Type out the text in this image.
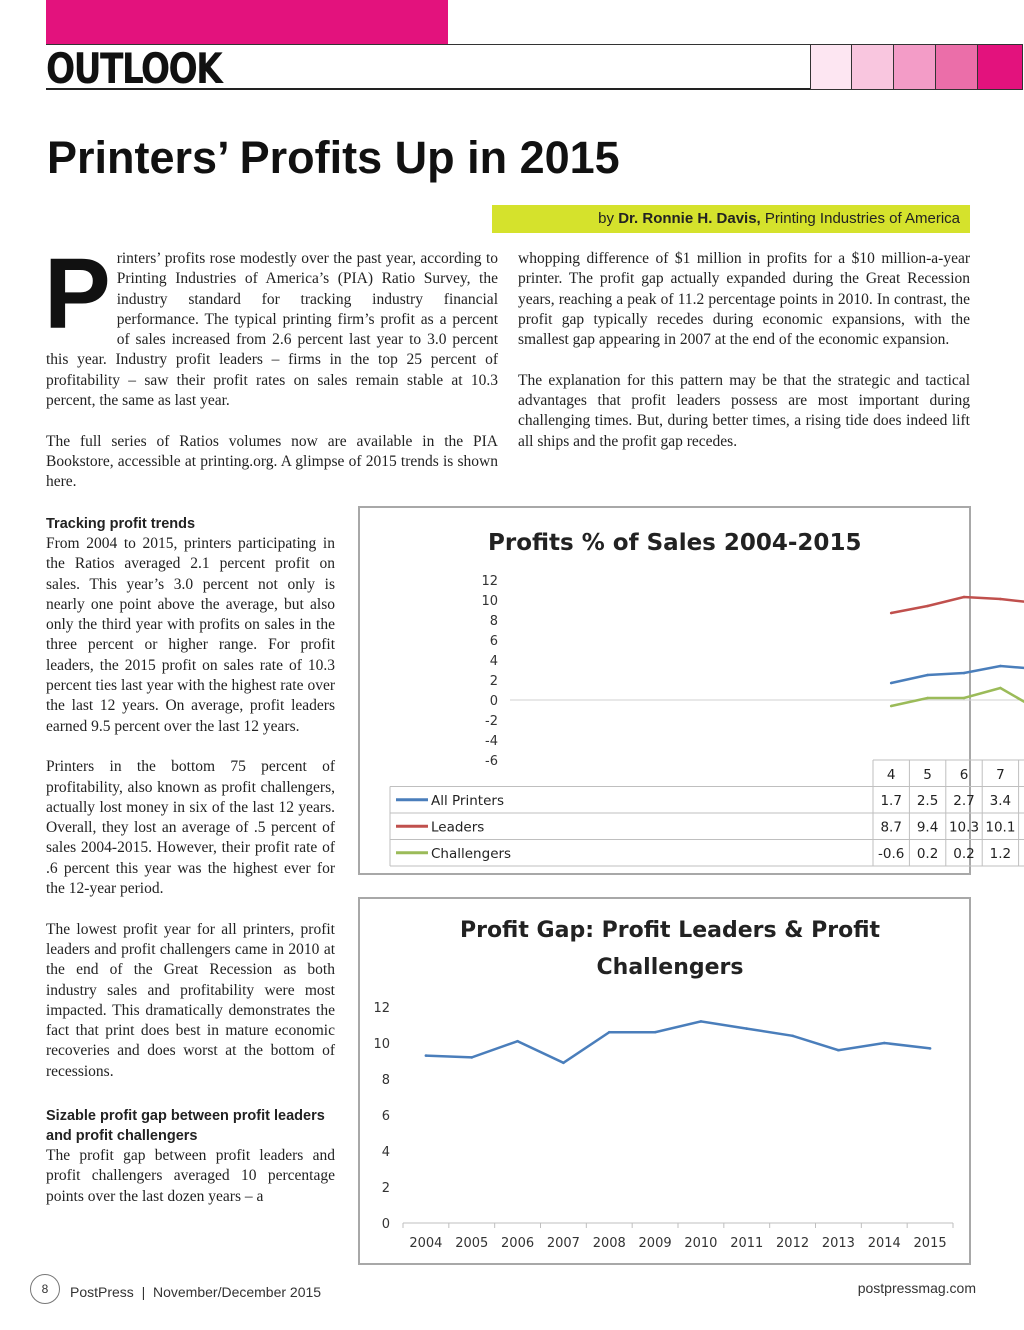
OUTLOOK
Printers’ Profits Up in 2015
by Dr. Ronnie H. Davis, Printing Industries of America

Printers’ profits rose modestly over the past year, according to Printing Industries of America’s (PIA) Ratio Survey, the industry standard for tracking industry financial performance. The typical printing firm’s profit as a percent of sales increased from 2.6 percent last year to 3.0 percent this year. Industry profit leaders – firms in the top 25 percent of profitability – saw their profit rates on sales remain stable at 10.3 percent, the same as last year.

The full series of Ratios volumes now are available in the PIA Bookstore, accessible at printing.org. A glimpse of 2015 trends is shown here.

whopping difference of $1 million in profits for a $10 million-a-year printer. The profit gap actually expanded during the Great Recession years, reaching a peak of 11.2 percentage points in 2010. In contrast, the profit gap typically recedes during economic expansions, with the smallest gap appearing in 2007 at the end of the economic expansion.

The explanation for this pattern may be that the strategic and tactical advantages that profit leaders possess are most important during challenging times. But, during better times, a rising tide does indeed lift all ships and the profit gap recedes.

Tracking profit trends

From 2004 to 2015, printers participating in the Ratios averaged 2.1 percent profit on sales. This year’s 3.0 percent not only is nearly one point above the average, but also only the third year with profits on sales in the three percent or higher range. For profit leaders, the 2015 profit on sales rate of 10.3 percent ties last year with the highest rate over the last 12 years. On average, profit leaders earned 9.5 percent over the last 12 years.

Printers in the bottom 75 percent of profitability, also known as profit challengers, actually lost money in six of the last 12 years. Overall, they lost an average of .5 percent of sales 2004-2015. However, their profit rate of .6 percent this year was the highest ever for the 12-year period.

The lowest profit year for all printers, profit leaders and profit challengers came in 2010 at the end of the Great Recession as both industry sales and profitability were most impacted. This dramatically demonstrates the fact that print does best in mature economic recoveries and does worst at the bottom of recessions.

Sizable profit gap between profit leaders and profit challengers

The profit gap between profit leaders and profit challengers averaged 10 percentage points over the last dozen years – a

Profits % of Sales 2004-2015
12
10
8
6
4
2
0
-2
-4
-6
4 5 6 7
All Printers	1.7 2.5 2.7 3.4
Leaders	8.7 9.4 10.3 10.1
Challengers	-0.6 0.2 0.2 1.2
Profit Gap: Profit Leaders & Profit
Challengers
12
10
8
6
4
2
0
2004 2005 2006 2007 2008 2009 2010 2011 2012 2013 2014 2015
8	PostPress  |  November/December 2015	postpressmag.com
